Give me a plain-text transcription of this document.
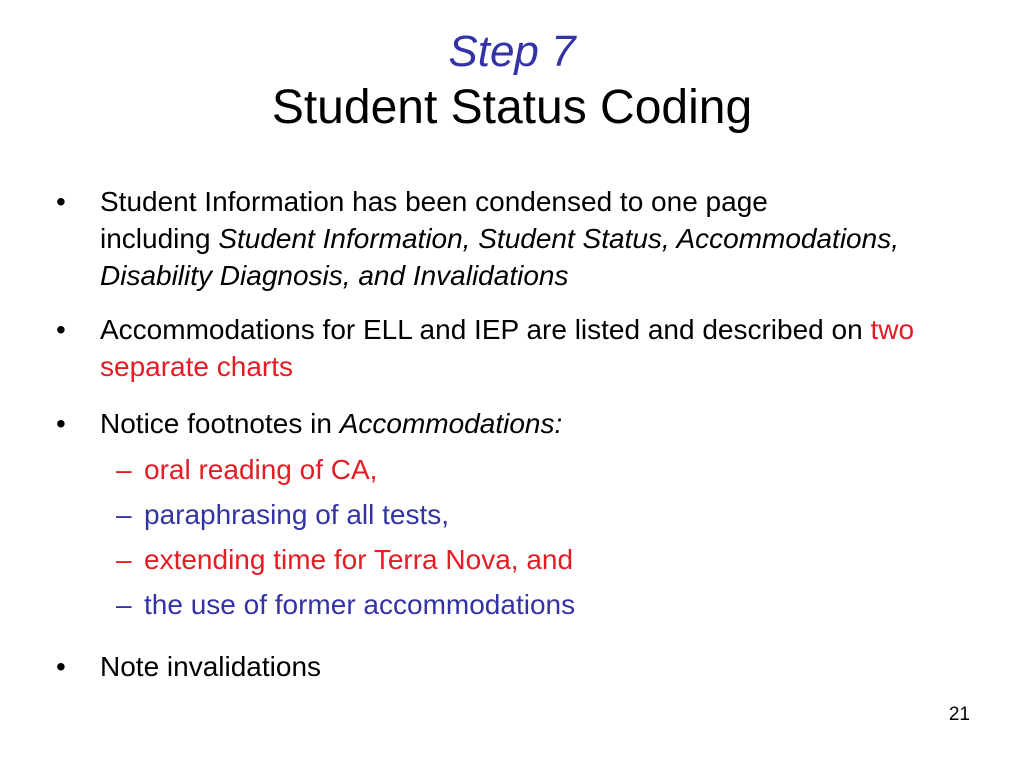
Step 7
Student Status Coding
• Student Information has been condensed to one page
including Student Information, Student Status, Accommodations, Disability Diagnosis, and Invalidations
• Accommodations for ELL and IEP are listed and described on two separate charts
• Notice footnotes in Accommodations:
– oral reading of CA,
– paraphrasing of all tests,
– extending time for Terra Nova, and
– the use of former accommodations
• Note invalidations
21
